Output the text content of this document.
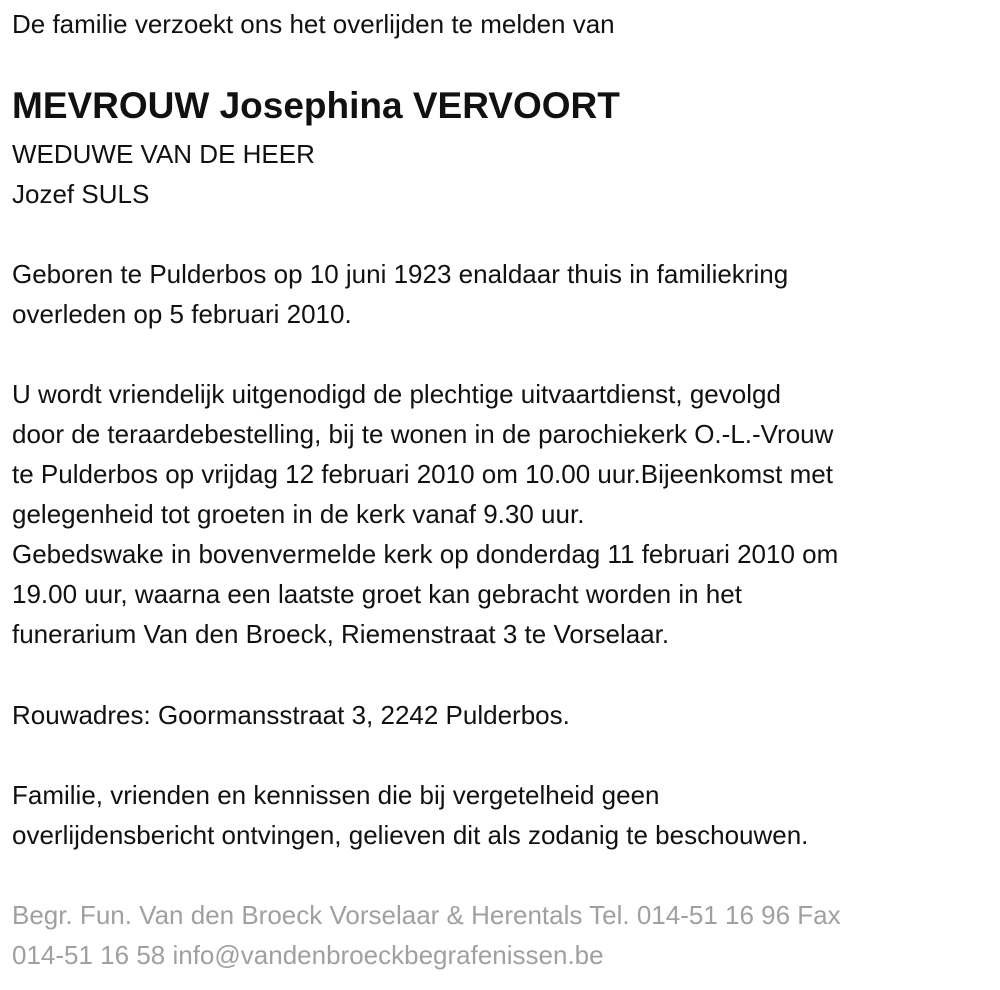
De familie verzoekt ons het overlijden te melden van
MEVROUW Josephina VERVOORT
WEDUWE VAN DE HEER
Jozef SULS
Geboren te Pulderbos op 10 juni 1923 enaldaar thuis in familiekring
overleden op 5 februari 2010.
U wordt vriendelijk uitgenodigd de plechtige uitvaartdienst, gevolgd
door de teraardebestelling, bij te wonen in de parochiekerk O.-L.-Vrouw
te Pulderbos op vrijdag 12 februari 2010 om 10.00 uur.Bijeenkomst met
gelegenheid tot groeten in de kerk vanaf 9.30 uur.
Gebedswake in bovenvermelde kerk op donderdag 11 februari 2010 om
19.00 uur, waarna een laatste groet kan gebracht worden in het
funerarium Van den Broeck, Riemenstraat 3 te Vorselaar.
Rouwadres: Goormansstraat 3, 2242 Pulderbos.
Familie, vrienden en kennissen die bij vergetelheid geen
overlijdensbericht ontvingen, gelieven dit als zodanig te beschouwen.
Begr. Fun. Van den Broeck Vorselaar & Herentals Tel. 014-51 16 96 Fax
014-51 16 58 info@vandenbroeckbegrafenissen.be
